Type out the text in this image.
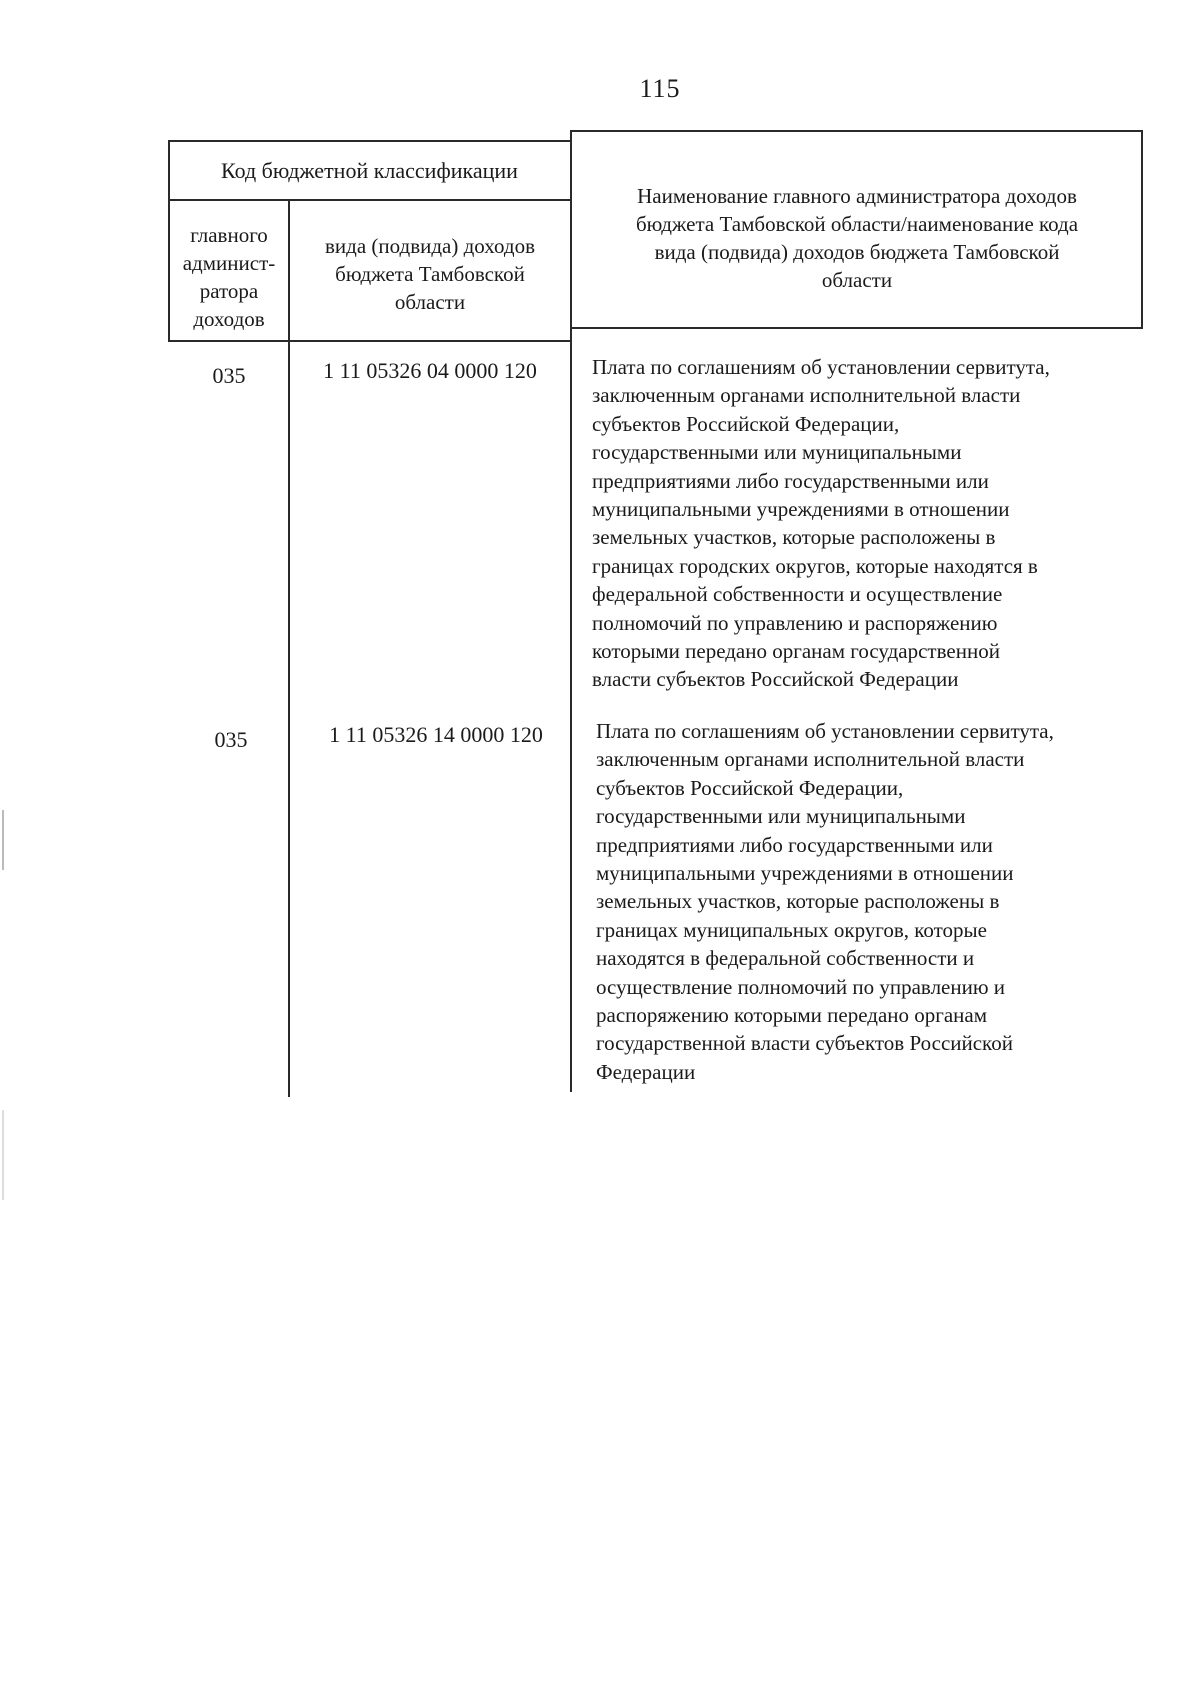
115
Код бюджетной классификации
главного
админист-
ратора
доходов
вида (подвида) доходов
бюджета Тамбовской
области
Наименование главного администратора доходов
бюджета Тамбовской области/наименование кода
вида (подвида) доходов бюджета Тамбовской
области
035	1 11 05326 04 0000 120	Плата по соглашениям об установлении сервитута,
заключенным органами исполнительной власти
субъектов Российской Федерации,
государственными или муниципальными
предприятиями либо государственными или
муниципальными учреждениями в отношении
земельных участков, которые расположены в
границах городских округов, которые находятся в
федеральной собственности и осуществление
полномочий по управлению и распоряжению
которыми передано органам государственной
власти субъектов Российской Федерации
035	1 11 05326 14 0000 120	Плата по соглашениям об установлении сервитута,
заключенным органами исполнительной власти
субъектов Российской Федерации,
государственными или муниципальными
предприятиями либо государственными или
муниципальными учреждениями в отношении
земельных участков, которые расположены в
границах муниципальных округов, которые
находятся в федеральной собственности и
осуществление полномочий по управлению и
распоряжению которыми передано органам
государственной власти субъектов Российской
Федерации
